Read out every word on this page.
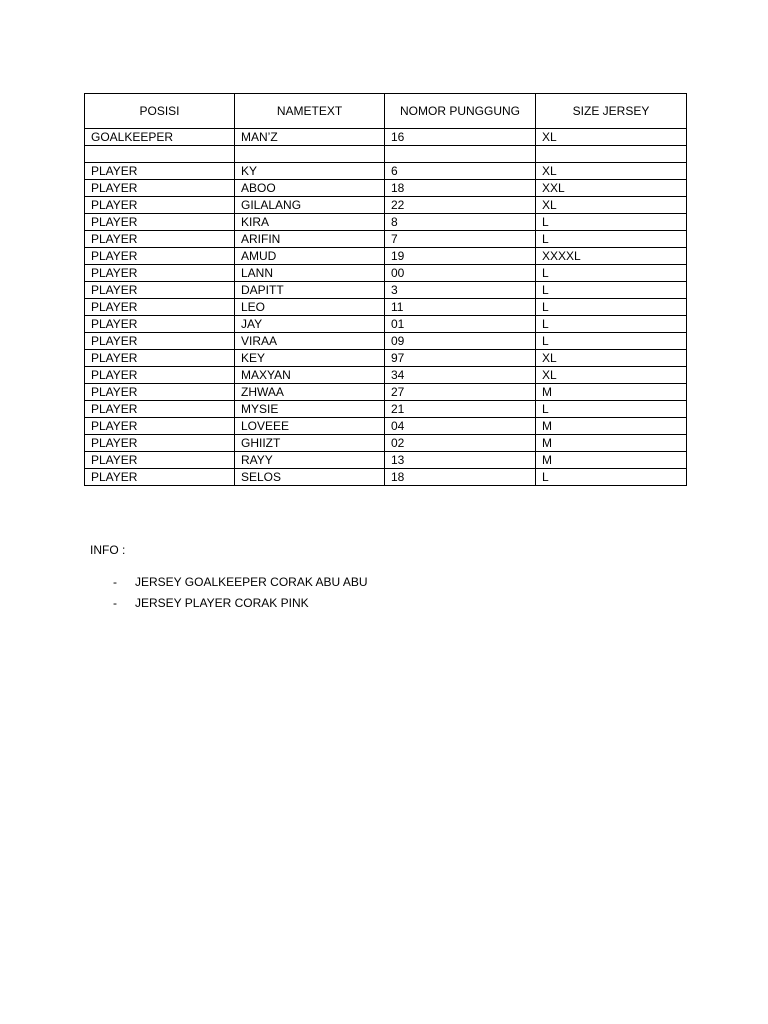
POSISI	NAMETEXT	NOMOR PUNGGUNG	SIZE JERSEY
GOALKEEPER	MAN’Z	16	XL

PLAYER	KY	6	XL
PLAYER	ABOO	18	XXL
PLAYER	GILALANG	22	XL
PLAYER	KIRA	8	L
PLAYER	ARIFIN	7	L
PLAYER	AMUD	19	XXXXL
PLAYER	LANN	00	L
PLAYER	DAPITT	3	L
PLAYER	LEO	11	L
PLAYER	JAY	01	L
PLAYER	VIRAA	09	L
PLAYER	KEY	97	XL
PLAYER	MAXYAN	34	XL
PLAYER	ZHWAA	27	M
PLAYER	MYSIE	21	L
PLAYER	LOVEEE	04	M
PLAYER	GHIIZT	02	M
PLAYER	RAYY	13	M
PLAYER	SELOS	18	L
INFO :
- JERSEY GOALKEEPER CORAK ABU ABU
- JERSEY PLAYER CORAK PINK
